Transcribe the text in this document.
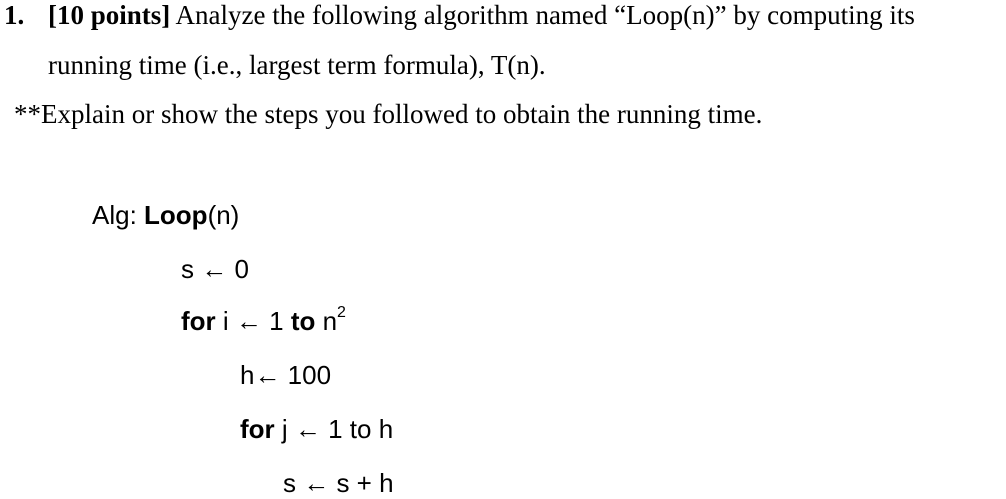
1. [10 points] Analyze the following algorithm named “Loop(n)” by computing its
running time (i.e., largest term formula), T(n).
**Explain or show the steps you followed to obtain the running time.
Alg: Loop(n)
s ← 0
for i ← 1 to $n^2$
h← 100
for j ← 1 to h
s ← s + h
